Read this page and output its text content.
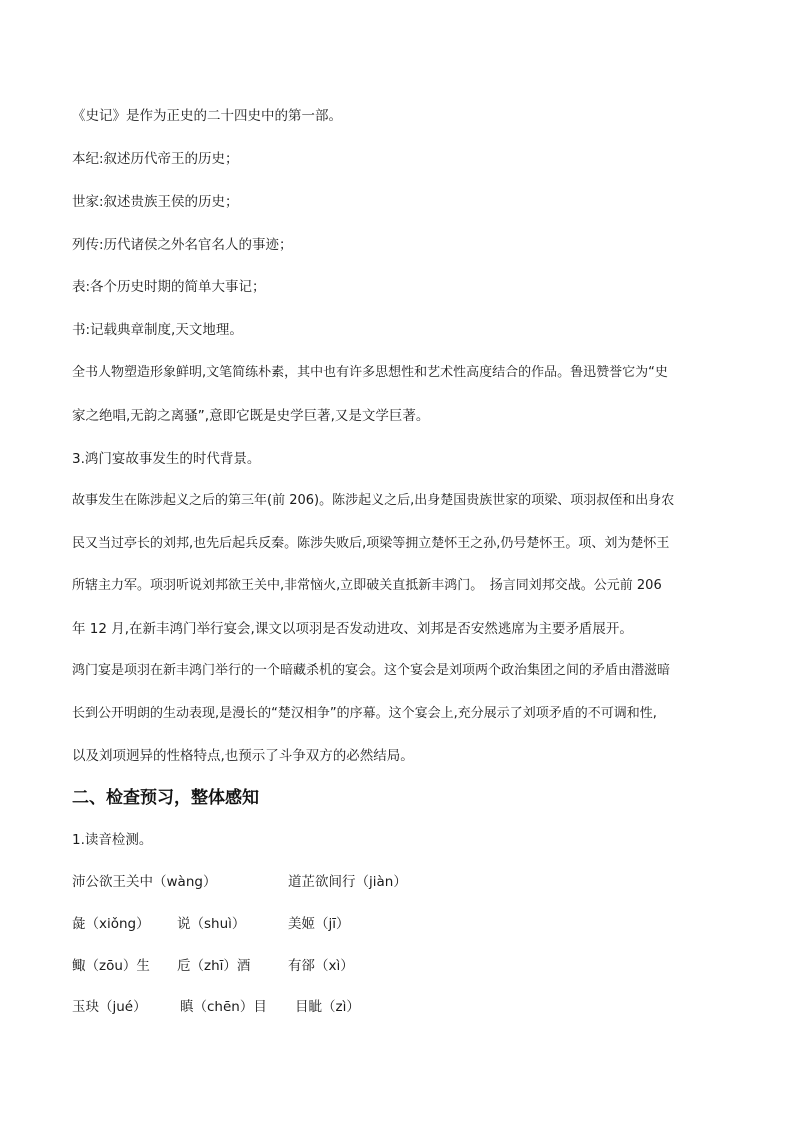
《史记》是作为正史的二十四史中的第一部。
本纪:叙述历代帝王的历史；
世家:叙述贵族王侯的历史；
列传:历代诸侯之外名官名人的事迹；
表:各个历史时期的简单大事记；
书:记载典章制度,天文地理。
全书人物塑造形象鲜明,文笔简练朴素，其中也有许多思想性和艺术性高度结合的作品。鲁迅赞誉它为“史
家之绝唱,无韵之离骚”,意即它既是史学巨著,又是文学巨著。
3.鸿门宴故事发生的时代背景。
故事发生在陈涉起义之后的第三年(前 206)。陈涉起义之后,出身楚国贵族世家的项梁、项羽叔侄和出身农
民又当过亭长的刘邦,也先后起兵反秦。陈涉失败后,项梁等拥立楚怀王之孙,仍号楚怀王。项、刘为楚怀王
所辖主力军。项羽听说刘邦欲王关中,非常恼火,立即破关直抵新丰鸿门。　扬言同刘邦交战。公元前 206
年 12 月,在新丰鸿门举行宴会,课文以项羽是否发动进攻、刘邦是否安然逃席为主要矛盾展开。
鸿门宴是项羽在新丰鸿门举行的一个暗藏杀机的宴会。这个宴会是刘项两个政治集团之间的矛盾由潜滋暗
长到公开明朗的生动表现,是漫长的“楚汉相争”的序幕。这个宴会上,充分展示了刘项矛盾的不可调和性,
以及刘项迥异的性格特点,也预示了斗争双方的必然结局。
二、检查预习，整体感知
1.读音检测。
沛公欲王关中（wàng）	道芷欲间行（jiàn）
彘（xiǒng） 说（shuì）	美姬（jī）
鲰（zōu）生 卮（zhī）酒	有郤（xì）
玉玦（jué） 瞋（chēn）目 目眦（zì）
